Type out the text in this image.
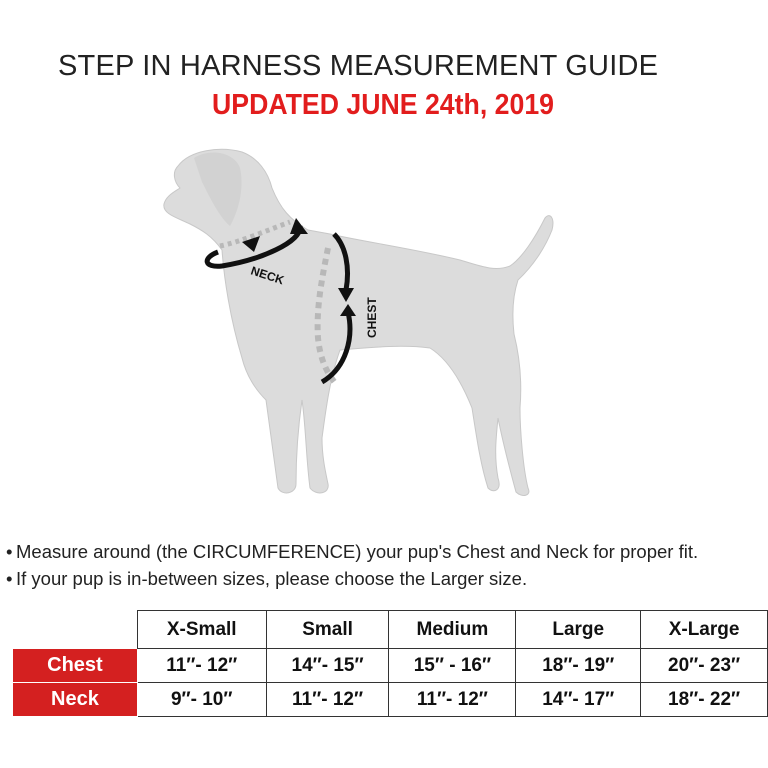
STEP IN HARNESS MEASUREMENT GUIDE
UPDATED JUNE 24th, 2019
NECK
CHEST
• Measure around (the CIRCUMFERENCE) your pup's Chest and Neck for proper fit.
• If your pup is in-between sizes, please choose the Larger size.
	X-Small	Small	Medium	Large	X-Large
Chest	11″- 12″	14″- 15″	15″ - 16″	18″- 19″	20″- 23″
Neck	9″- 10″	11″- 12″	11″- 12″	14″- 17″	18″- 22″
